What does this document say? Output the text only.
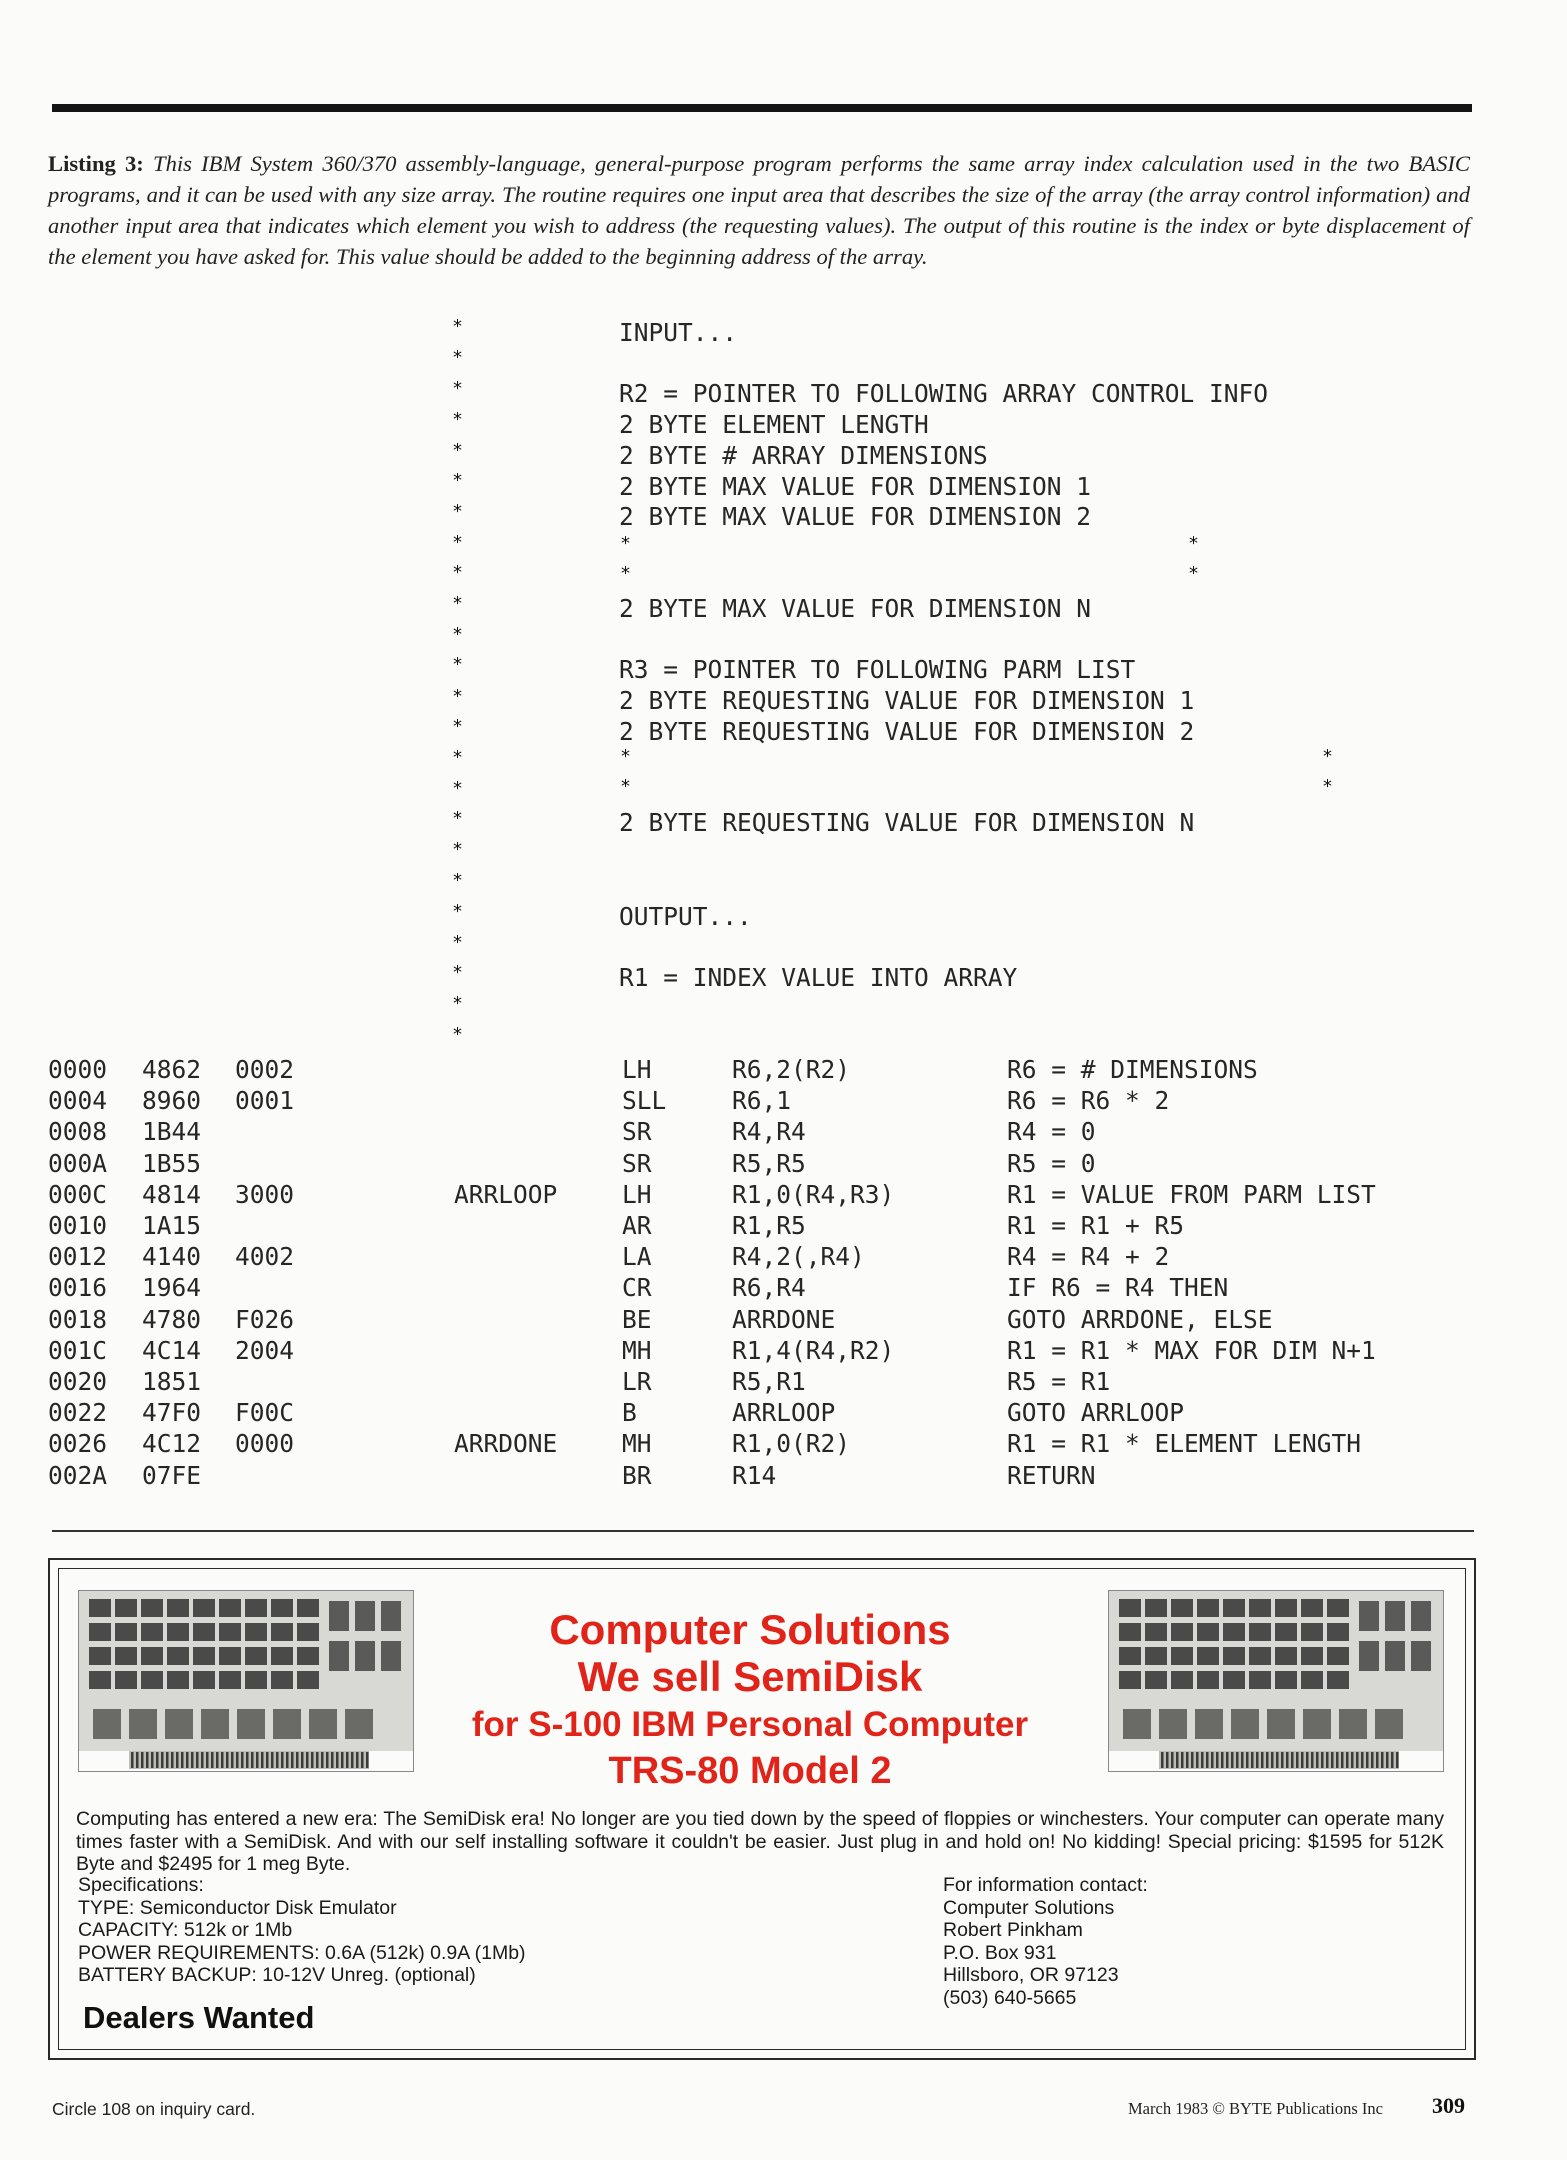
Listing 3: This IBM System 360/370 assembly-language, general-purpose program performs the same array index calculation used in the two BASIC programs, and it can be used with any size array. The routine requires one input area that describes the size of the array (the array control information) and another input area that indicates which element you wish to address (the requesting values). The output of this routine is the index or byte displacement of the element you have asked for. This value should be added to the beginning address of the array.
*
*
*
*
*
*
*
*
*
*
*
*
*
*
*
*
*
*
*
*
*
*
*
*
INPUT...
R2 = POINTER TO FOLLOWING ARRAY CONTROL INFO
2 BYTE ELEMENT LENGTH
2 BYTE # ARRAY DIMENSIONS
2 BYTE MAX VALUE FOR DIMENSION 1
2 BYTE MAX VALUE FOR DIMENSION 2
2 BYTE MAX VALUE FOR DIMENSION N
R3 = POINTER TO FOLLOWING PARM LIST
2 BYTE REQUESTING VALUE FOR DIMENSION 1
2 BYTE REQUESTING VALUE FOR DIMENSION 2
2 BYTE REQUESTING VALUE FOR DIMENSION N
OUTPUT...
R1 = INDEX VALUE INTO ARRAY
*	*
*	*
*	*
*	*
0000 4862 0002	LH	R6,2(R2)	R6 = # DIMENSIONS
0004 8960 0001	SLL	R6,1	R6 = R6 * 2
0008 1B44	SR	R4,R4	R4 = 0
000A 1B55	SR	R5,R5	R5 = 0
000C 4814 3000	ARRLOOP	LH	R1,0(R4,R3)	R1 = VALUE FROM PARM LIST
0010 1A15	AR	R1,R5	R1 = R1 + R5
0012 4140 4002	LA	R4,2(,R4)	R4 = R4 + 2
0016 1964	CR	R6,R4	IF R6 = R4 THEN
0018 4780 F026	BE	ARRDONE	GOTO ARRDONE, ELSE
001C 4C14 2004	MH	R1,4(R4,R2)	R1 = R1 * MAX FOR DIM N+1
0020 1851	LR	R5,R1	R5 = R1
0022 47F0 F00C	B	ARRLOOP	GOTO ARRLOOP
0026 4C12 0000	ARRDONE	MH	R1,0(R2)	R1 = R1 * ELEMENT LENGTH
002A 07FE	BR	R14	RETURN
Computer Solutions
We sell SemiDisk
for S-100 IBM Personal Computer
TRS-80 Model 2
Computing has entered a new era: The SemiDisk era! No longer are you tied down by the speed of floppies or winchesters. Your computer can operate many times faster with a SemiDisk. And with our self installing software it couldn't be easier. Just plug in and hold on! No kidding! Special pricing: $1595 for 512K Byte and $2495 for 1 meg Byte.
Specifications:
TYPE: Semiconductor Disk Emulator
CAPACITY: 512k or 1Mb
POWER REQUIREMENTS: 0.6A (512k) 0.9A (1Mb)
BATTERY BACKUP: 10-12V Unreg. (optional)
For information contact:
Computer Solutions
Robert Pinkham
P.O. Box 931
Hillsboro, OR 97123
(503) 640-5665
Dealers Wanted
Circle 108 on inquiry card.	March 1983 © BYTE Publications Inc 309
